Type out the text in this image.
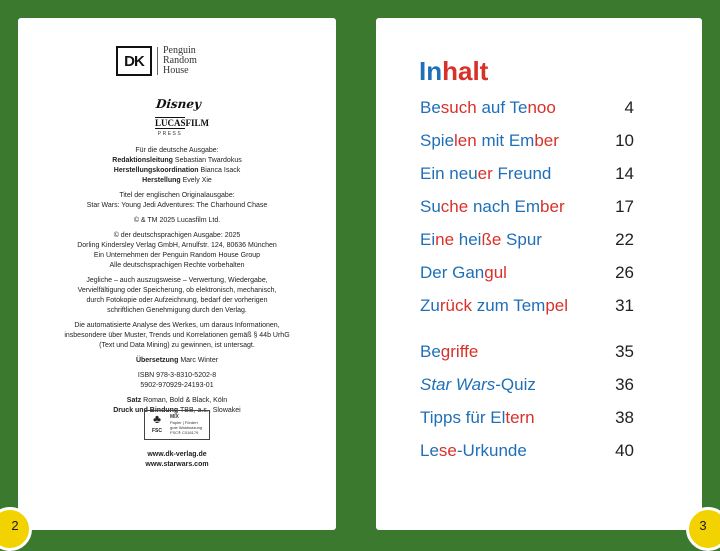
DK
Penguin
Random
House
Disney
LUCASFILM
PRESS

Für die deutsche Ausgabe:
Redaktionsleitung Sebastian Twardokus
Herstellungskoordination Bianca Isack
Herstellung Evely Xie

Titel der englischen Originalausgabe:
Star Wars: Young Jedi Adventures: The Charhound Chase

© & TM 2025 Lucasfilm Ltd.

© der deutschsprachigen Ausgabe: 2025
Dorling Kindersley Verlag GmbH, Arnulfstr. 124, 80636 München
Ein Unternehmen der Penguin Random House Group
Alle deutschsprachigen Rechte vorbehalten

Jegliche – auch auszugsweise – Verwertung, Wiedergabe,
Vervielfältigung oder Speicherung, ob elektronisch, mechanisch,
durch Fotokopie oder Aufzeichnung, bedarf der vorherigen
schriftlichen Genehmigung durch den Verlag.

Die automatisierte Analyse des Werkes, um daraus Informationen,
insbesondere über Muster, Trends und Korrelationen gemäß § 44b UrhG
(Text und Data Mining) zu gewinnen, ist untersagt.

Übersetzung Marc Winter

ISBN 978-3-8310-5202-8
5902-970929-24193-01

Satz Roman, Bold & Black, Köln
Druck und Bindung TBB, a.s., Slowakei

♣
FSC
MIX
Papier | Fördert
gute Waldnutzung
FSC® C018179
www.dk-verlag.de
www.starwars.com
Inhalt
Besuch auf Tenoo	4
Spielen mit Ember	10
Ein neuer Freund	14
Suche nach Ember	17
Eine heiße Spur	22
Der Gangul	26
Zurück zum Tempel	31
Begriffe	35
Star Wars-Quiz	36
Tipps für Eltern	38
Lese-Urkunde	40
2	3
